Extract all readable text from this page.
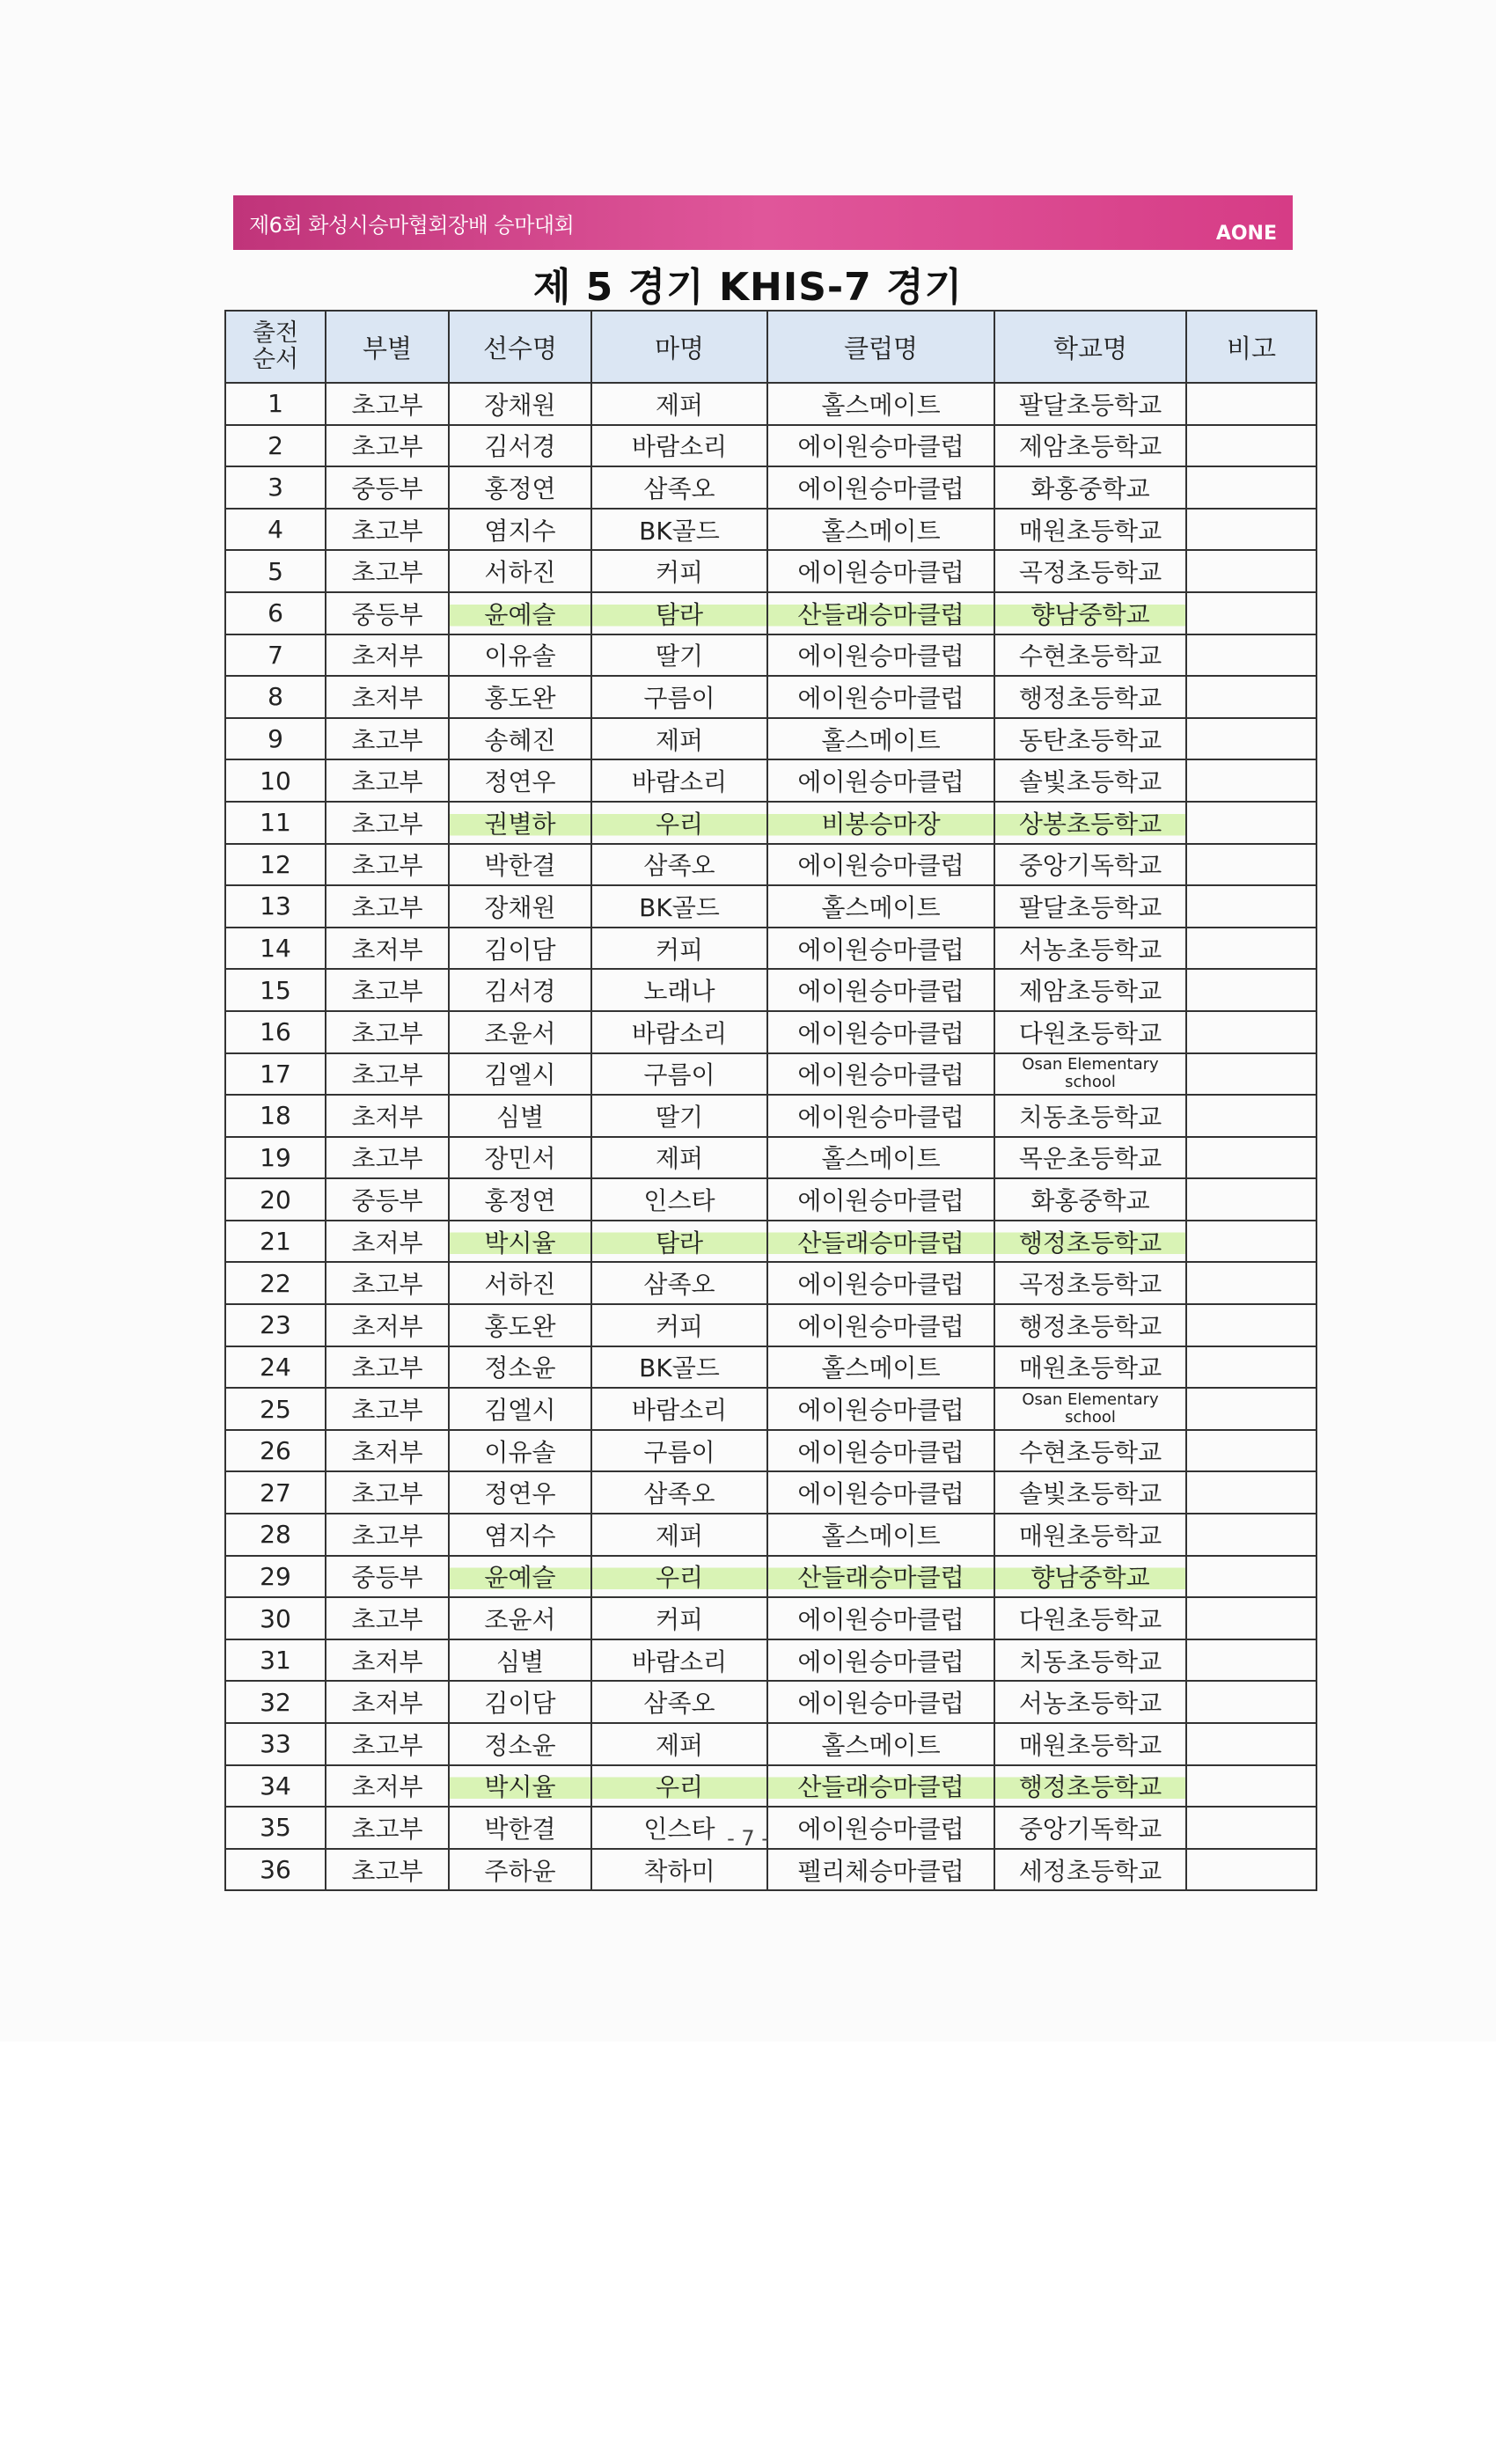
제6회 화성시승마협회장배 승마대회	AONE
제 5 경기 KHIS-7 경기
출전
순서	부별	선수명	마명	클럽명	학교명	비고
1	초고부	장채원	제퍼	홀스메이트	팔달초등학교	
2	초고부	김서경	바람소리	에이원승마클럽	제암초등학교	
3	중등부	홍정연	삼족오	에이원승마클럽	화홍중학교	
4	초고부	염지수	BK골드	홀스메이트	매원초등학교	
5	초고부	서하진	커피	에이원승마클럽	곡정초등학교	
6	중등부	윤예슬	탐라	산들래승마클럽	향남중학교	
7	초저부	이유솔	딸기	에이원승마클럽	수현초등학교	
8	초저부	홍도완	구름이	에이원승마클럽	행정초등학교	
9	초고부	송혜진	제퍼	홀스메이트	동탄초등학교	
10	초고부	정연우	바람소리	에이원승마클럽	솔빛초등학교	
11	초고부	권별하	우리	비봉승마장	상봉초등학교	
12	초고부	박한결	삼족오	에이원승마클럽	중앙기독학교	
13	초고부	장채원	BK골드	홀스메이트	팔달초등학교	
14	초저부	김이담	커피	에이원승마클럽	서농초등학교	
15	초고부	김서경	노래나	에이원승마클럽	제암초등학교	
16	초고부	조윤서	바람소리	에이원승마클럽	다원초등학교	
17	초고부	김엘시	구름이	에이원승마클럽	Osan Elementary school	
18	초저부	심별	딸기	에이원승마클럽	치동초등학교	
19	초고부	장민서	제퍼	홀스메이트	목운초등학교	
20	중등부	홍정연	인스타	에이원승마클럽	화홍중학교	
21	초저부	박시율	탐라	산들래승마클럽	행정초등학교	
22	초고부	서하진	삼족오	에이원승마클럽	곡정초등학교	
23	초저부	홍도완	커피	에이원승마클럽	행정초등학교	
24	초고부	정소윤	BK골드	홀스메이트	매원초등학교	
25	초고부	김엘시	바람소리	에이원승마클럽	Osan Elementary school	
26	초저부	이유솔	구름이	에이원승마클럽	수현초등학교	
27	초고부	정연우	삼족오	에이원승마클럽	솔빛초등학교	
28	초고부	염지수	제퍼	홀스메이트	매원초등학교	
29	중등부	윤예슬	우리	산들래승마클럽	향남중학교	
30	초고부	조윤서	커피	에이원승마클럽	다원초등학교	
31	초저부	심별	바람소리	에이원승마클럽	치동초등학교	
32	초저부	김이담	삼족오	에이원승마클럽	서농초등학교	
33	초고부	정소윤	제퍼	홀스메이트	매원초등학교	
34	초저부	박시율	우리	산들래승마클럽	행정초등학교	
35	초고부	박한결	인스타	에이원승마클럽	중앙기독학교	
36	초고부	주하윤	착하미	펠리체승마클럽	세정초등학교	
- 7 -
